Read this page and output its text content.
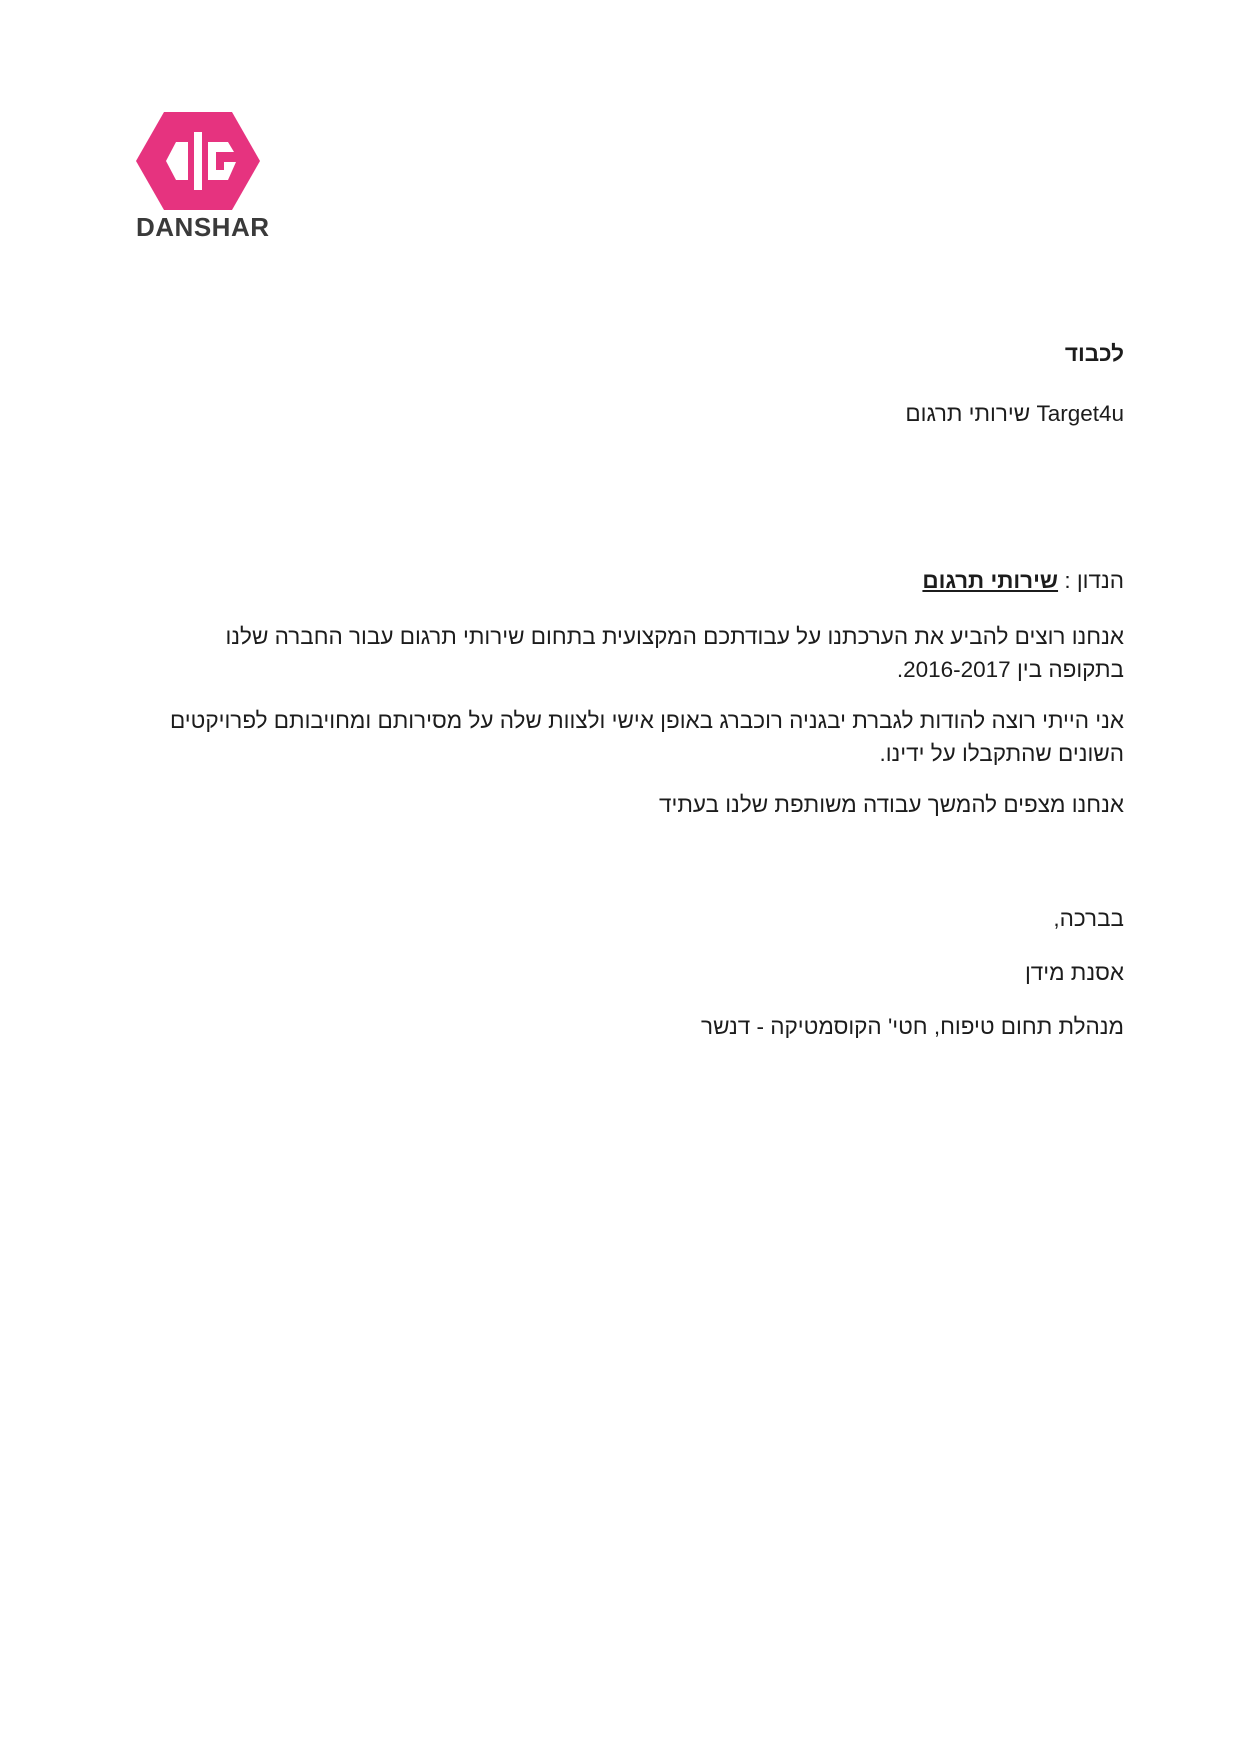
DANSHAR
לכבוד
Target4u שירותי תרגום
הנדון : שירותי תרגום
אנחנו רוצים להביע את הערכתנו על עבודתכם המקצועית בתחום שירותי תרגום עבור החברה שלנו בתקופה בין 2016-2017.
אני הייתי רוצה להודות לגברת יבגניה רוכברג באופן אישי ולצוות שלה על מסירותם ומחויבותם לפרויקטים השונים שהתקבלו על ידינו.
אנחנו מצפים להמשך עבודה משותפת שלנו בעתיד
בברכה,
אסנת מידן
מנהלת תחום טיפוח, חטי' הקוסמטיקה - דנשר
